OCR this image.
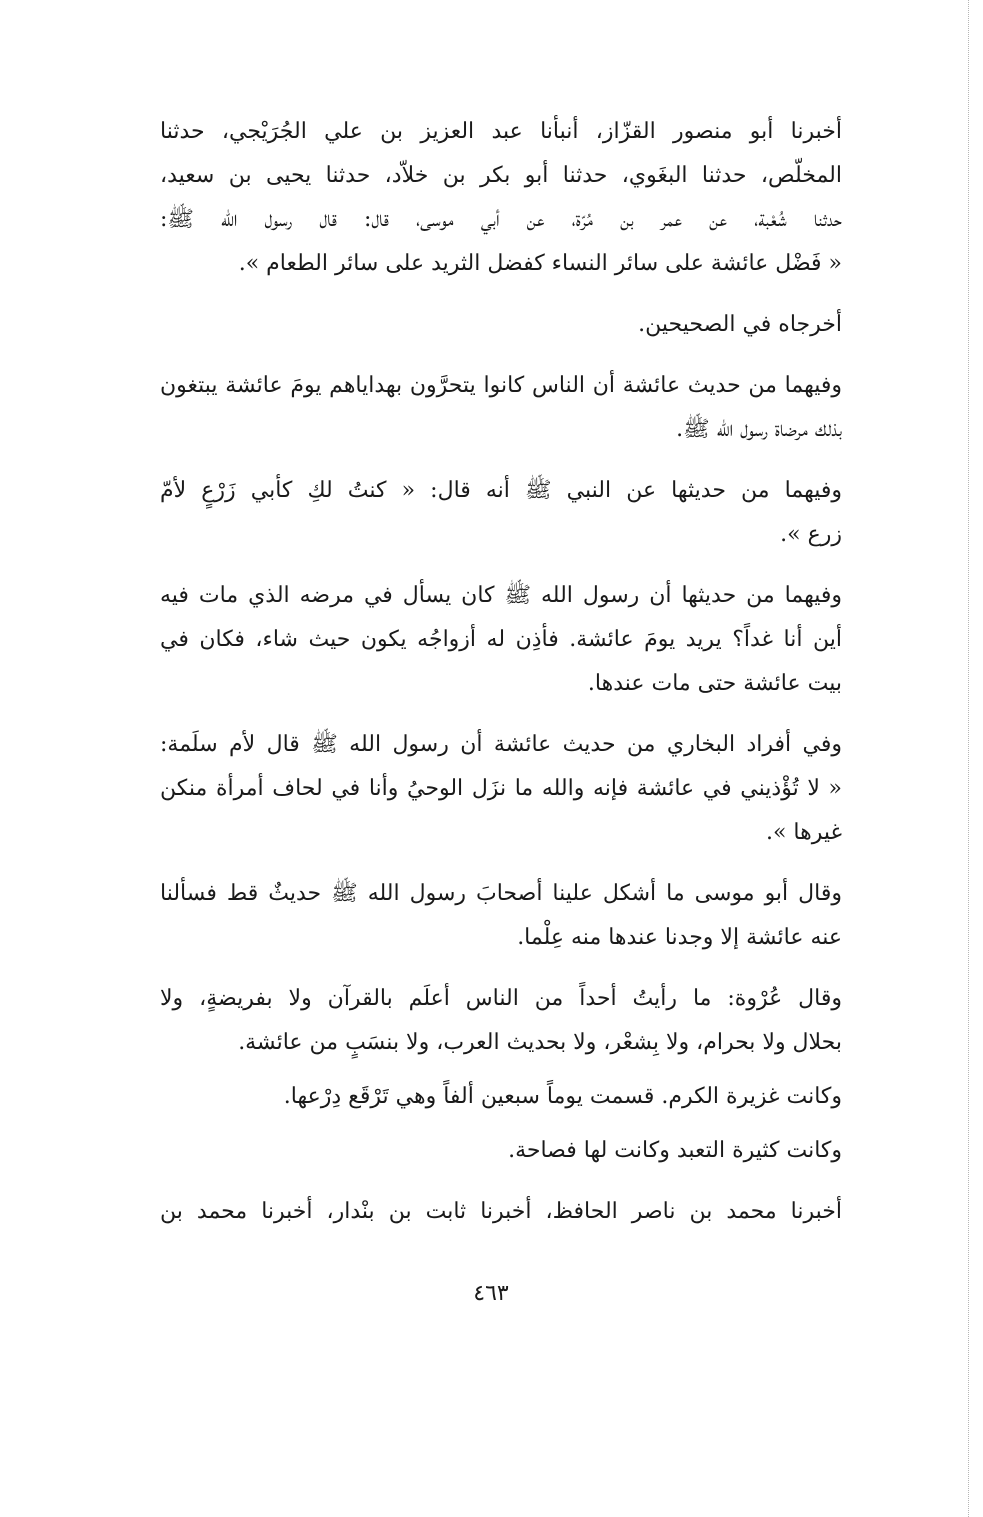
أخبرنا أبو منصور القزّاز، أنبأنا عبد العزيز بن علي الجُرَيْجي، حدثنا
المخلّص، حدثنا البغَوي، حدثنا أبو بكر بن خلاّد، حدثنا يحيى بن سعيد،
حدثنا شُعْبة، عن عمر بن مُرّة، عن أبي موسى، قال: قال رسول الله ﷺ:
« فَضْل عائشة على سائر النساء كفضل الثريد على سائر الطعام ».
أخرجاه في الصحيحين.
وفيهما من حديث عائشة أن الناس كانوا يتحرَّون بهداياهم يومَ عائشة يبتغون
بذلك مرضاة رسول الله ﷺ.
وفيهما من حديثها عن النبي ﷺ أنه قال: « كنتُ لكِ كأبي زَرْعٍ لأمّ
زرع ».
وفيهما من حديثها أن رسول الله ﷺ كان يسأل في مرضه الذي مات فيه
أين أنا غداً؟ يريد يومَ عائشة. فأذِن له أزواجُه يكون حيث شاء، فكان في
بيت عائشة حتى مات عندها.
وفي أفراد البخاري من حديث عائشة أن رسول الله ﷺ قال لأم سلَمة:
« لا تُؤْذيني في عائشة فإنه والله ما نزَل الوحيُ وأنا في لحاف أمرأة منكن
غيرها ».
وقال أبو موسى ما أشكل علينا أصحابَ رسول الله ﷺ حديثٌ قط فسألنا
عنه عائشة إلا وجدنا عندها منه عِلْما.
وقال عُرْوة: ما رأيتُ أحداً من الناس أعلَم بالقرآن ولا بفريضةٍ، ولا
بحلال ولا بحرام، ولا بِشعْر، ولا بحديث العرب، ولا بنسَبٍ من عائشة.
وكانت غزيرة الكرم. قسمت يوماً سبعين ألفاً وهي تَرْقَع دِرْعها.
وكانت كثيرة التعبد وكانت لها فصاحة.
أخبرنا محمد بن ناصر الحافظ، أخبرنا ثابت بن بنْدار، أخبرنا محمد بن
٤٦٣
